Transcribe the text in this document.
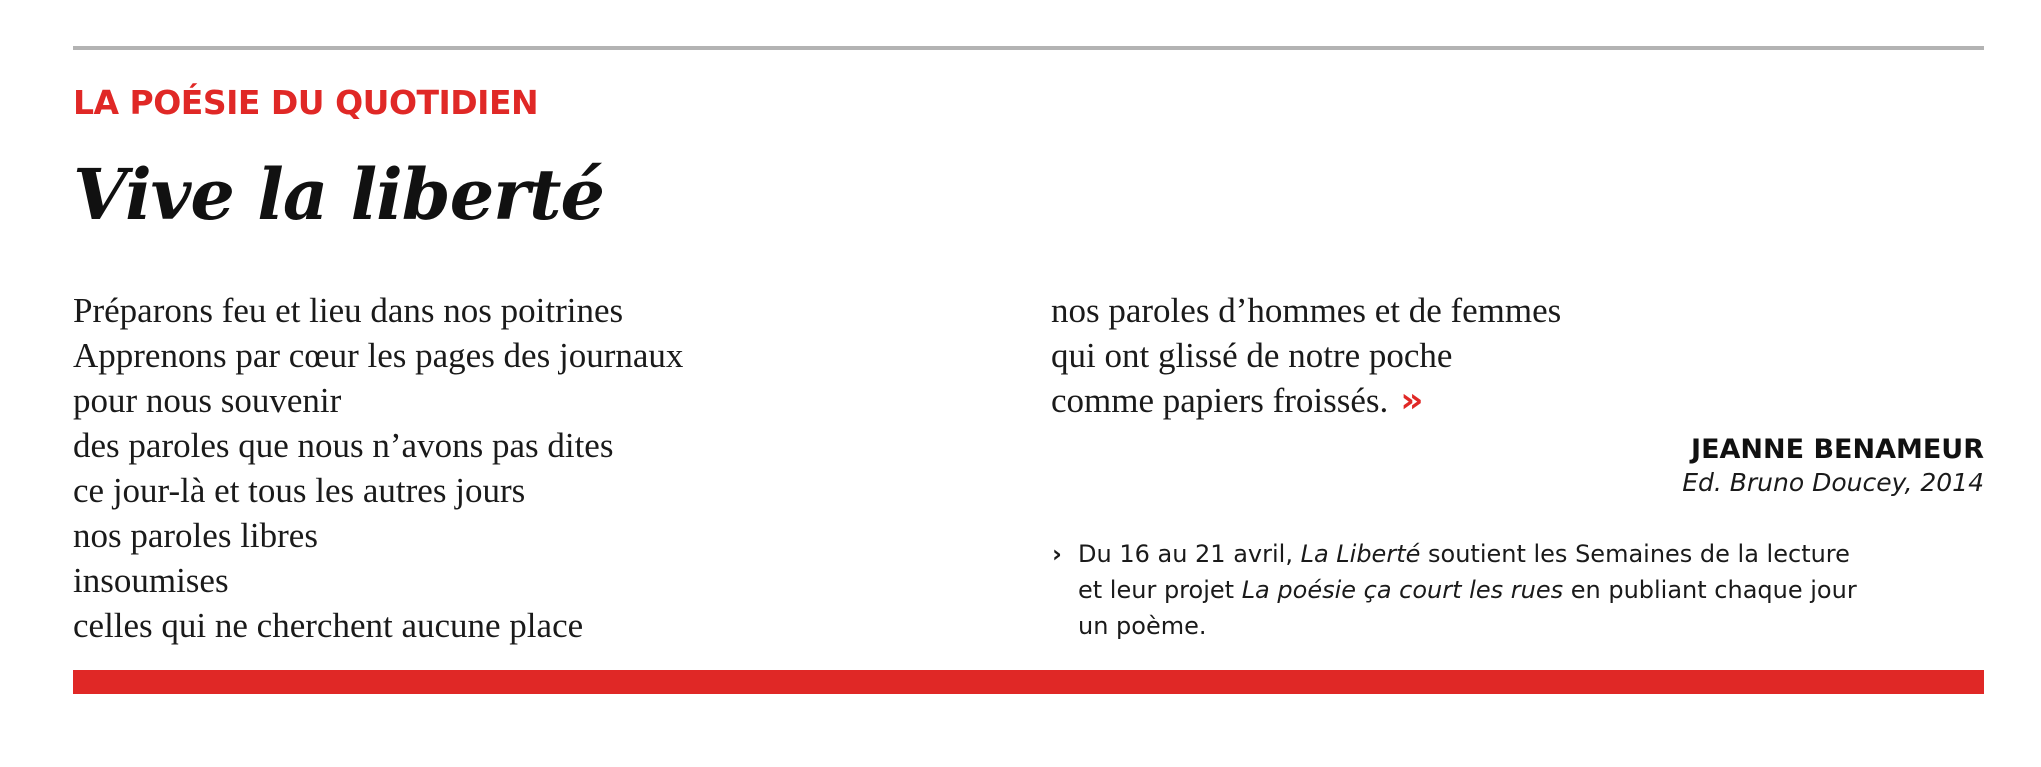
LA POÉSIE DU QUOTIDIEN
Vive la liberté
Préparons feu et lieu dans nos poitrines
Apprenons par cœur les pages des journaux
pour nous souvenir
des paroles que nous n’avons pas dites
ce jour-là et tous les autres jours
nos paroles libres
insoumises
celles qui ne cherchent aucune place
nos paroles d’hommes et de femmes
qui ont glissé de notre poche
comme papiers froissés. »
JEANNE BENAMEUR
Ed. Bruno Doucey, 2014
› Du 16 au 21 avril, La Liberté soutient les Semaines de la lecture
et leur projet La poésie ça court les rues en publiant chaque jour
un poème.
